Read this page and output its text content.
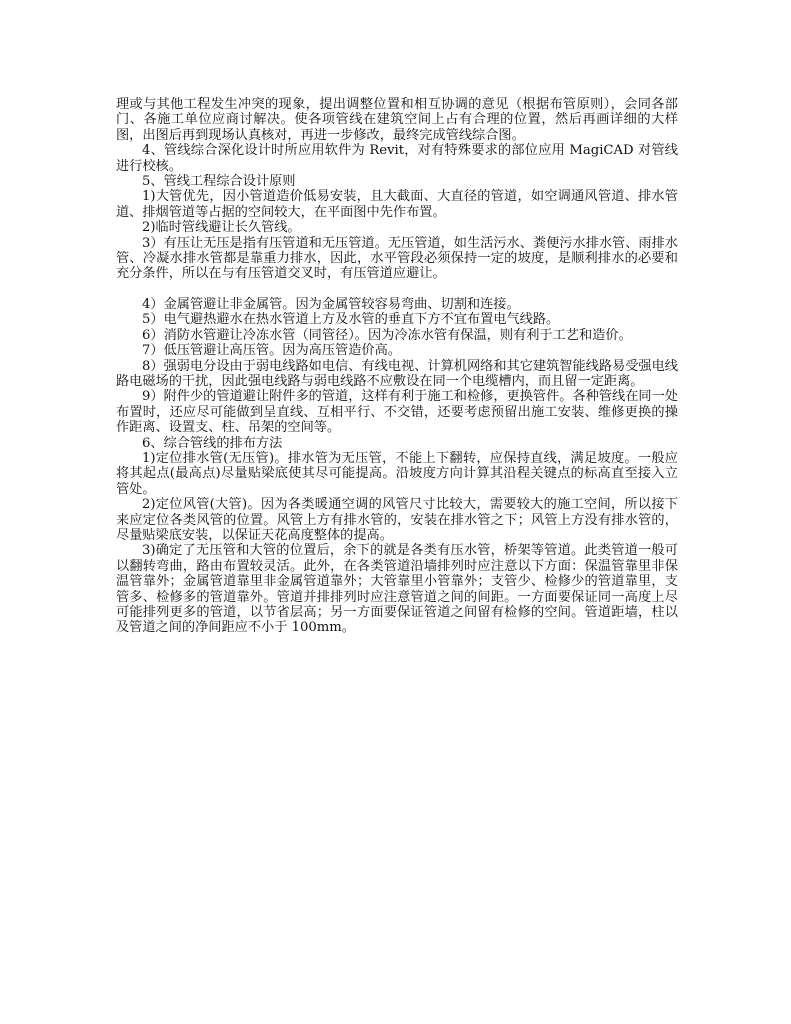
理或与其他工程发生冲突的现象，提出调整位置和相互协调的意见（根据布管原则），会同各部门、各施工单位应商讨解决。使各项管线在建筑空间上占有合理的位置，然后再画详细的大样图，出图后再到现场认真核对，再进一步修改，最终完成管线综合图。

4、管线综合深化设计时所应用软件为 Revit，对有特殊要求的部位应用 MagiCAD 对管线进行校核。

5、管线工程综合设计原则

1)大管优先，因小管道造价低易安装，且大截面、大直径的管道，如空调通风管道、排水管道、排烟管道等占据的空间较大，在平面图中先作布置。

2)临时管线避让长久管线。

3）有压让无压是指有压管道和无压管道。无压管道，如生活污水、粪便污水排水管、雨排水管、冷凝水排水管都是靠重力排水，因此，水平管段必须保持一定的坡度，是顺利排水的必要和充分条件，所以在与有压管道交叉时，有压管道应避让。

4）金属管避让非金属管。因为金属管较容易弯曲、切割和连接。

5）电气避热避水在热水管道上方及水管的垂直下方不宜布置电气线路。

6）消防水管避让冷冻水管（同管径）。因为冷冻水管有保温，则有利于工艺和造价。

7）低压管避让高压管。因为高压管造价高。

8）强弱电分设由于弱电线路如电信、有线电视、计算机网络和其它建筑智能线路易受强电线路电磁场的干扰，因此强电线路与弱电线路不应敷设在同一个电缆槽内，而且留一定距离。

9）附件少的管道避让附件多的管道，这样有利于施工和检修，更换管件。各种管线在同一处布置时，还应尽可能做到呈直线、互相平行、不交错，还要考虑预留出施工安装、维修更换的操作距离、设置支、柱、吊架的空间等。

6、综合管线的排布方法

1)定位排水管(无压管)。排水管为无压管，不能上下翻转，应保持直线，满足坡度。一般应将其起点(最高点)尽量贴梁底使其尽可能提高。沿坡度方向计算其沿程关键点的标高直至接入立管处。

2)定位风管(大管)。因为各类暖通空调的风管尺寸比较大，需要较大的施工空间，所以接下来应定位各类风管的位置。风管上方有排水管的，安装在排水管之下；风管上方没有排水管的，尽量贴梁底安装，以保证天花高度整体的提高。

3)确定了无压管和大管的位置后，余下的就是各类有压水管，桥架等管道。此类管道一般可以翻转弯曲，路由布置较灵活。此外，在各类管道沿墙排列时应注意以下方面：保温管靠里非保温管靠外；金属管道靠里非金属管道靠外；大管靠里小管靠外；支管少、检修少的管道靠里，支管多、检修多的管道靠外。管道并排排列时应注意管道之间的间距。一方面要保证同一高度上尽可能排列更多的管道，以节省层高；另一方面要保证管道之间留有检修的空间。管道距墙，柱以及管道之间的净间距应不小于 100mm。
